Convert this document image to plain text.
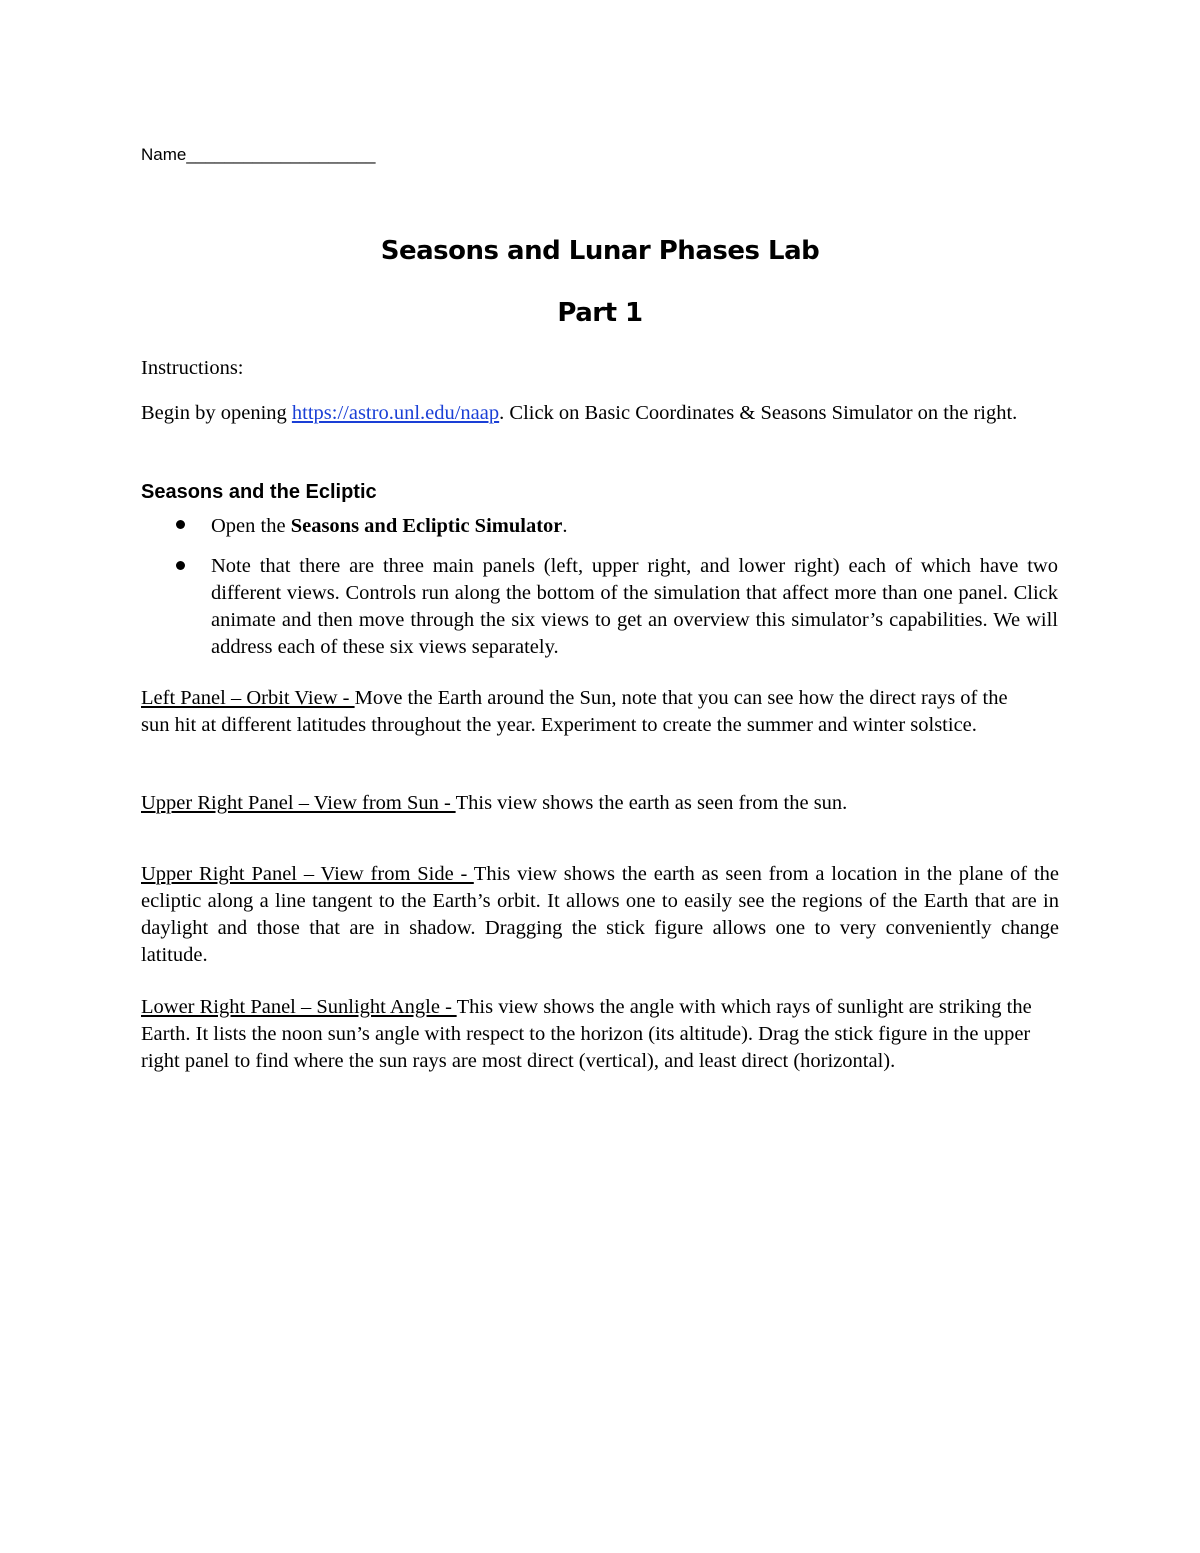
Name____________________
Seasons and Lunar Phases Lab
Part 1
Instructions:
Begin by opening https://astro.unl.edu/naap. Click on Basic Coordinates & Seasons Simulator on the right.
Seasons and the Ecliptic
Open the Seasons and Ecliptic Simulator.
Note that there are three main panels (left, upper right, and lower right) each of which have two different views. Controls run along the bottom of the simulation that affect more than one panel. Click animate and then move through the six views to get an overview this simulator’s capabilities. We will address each of these six views separately.
Left Panel – Orbit View - Move the Earth around the Sun, note that you can see how the direct rays of the sun hit at different latitudes throughout the year. Experiment to create the summer and winter solstice.
Upper Right Panel – View from Sun - This view shows the earth as seen from the sun.
Upper Right Panel – View from Side - This view shows the earth as seen from a location in the plane of the ecliptic along a line tangent to the Earth’s orbit. It allows one to easily see the regions of the Earth that are in daylight and those that are in shadow. Dragging the stick figure allows one to very conveniently change latitude.
Lower Right Panel – Sunlight Angle - This view shows the angle with which rays of sunlight are striking the Earth. It lists the noon sun’s angle with respect to the horizon (its altitude). Drag the stick figure in the upper right panel to find where the sun rays are most direct (vertical), and least direct (horizontal).
